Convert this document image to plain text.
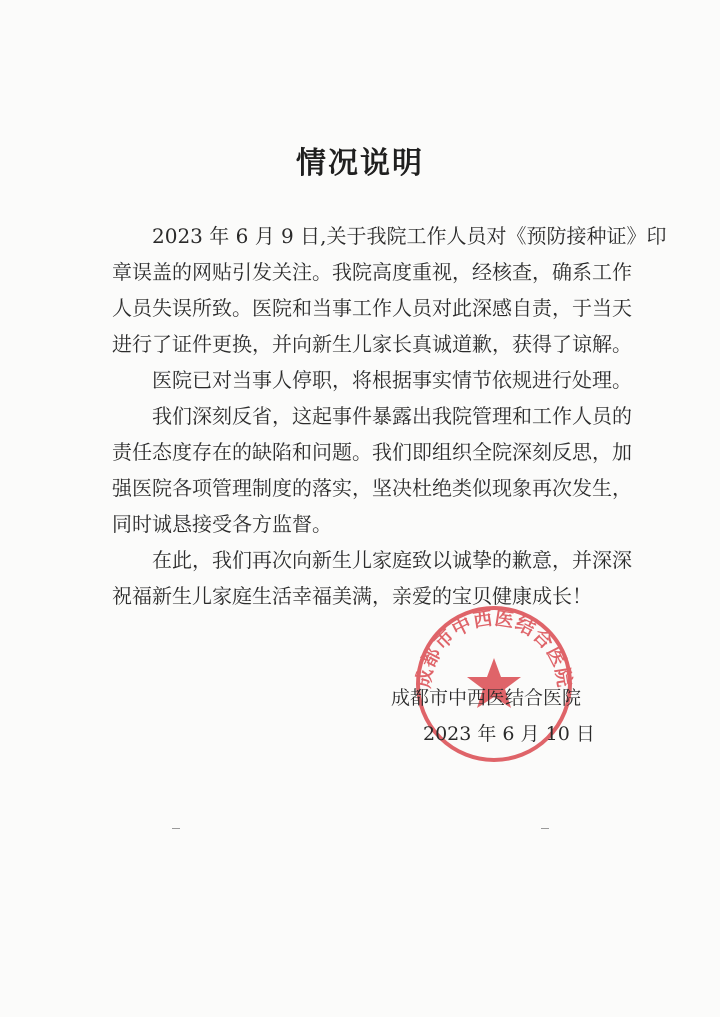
情况说明
2023 年 6 月 9 日,关于我院工作人员对《预防接种证》印
章误盖的网贴引发关注。我院高度重视，经核查，确系工作
人员失误所致。医院和当事工作人员对此深感自责，于当天
进行了证件更换，并向新生儿家长真诚道歉，获得了谅解。
医院已对当事人停职，将根据事实情节依规进行处理。
我们深刻反省，这起事件暴露出我院管理和工作人员的
责任态度存在的缺陷和问题。我们即组织全院深刻反思，加
强医院各项管理制度的落实，坚决杜绝类似现象再次发生，
同时诚恳接受各方监督。
在此，我们再次向新生儿家庭致以诚挚的歉意，并深深
祝福新生儿家庭生活幸福美满，亲爱的宝贝健康成长！
成都市中西医结合医院
成都市中西医结合医院
2023 年 6 月 10 日
